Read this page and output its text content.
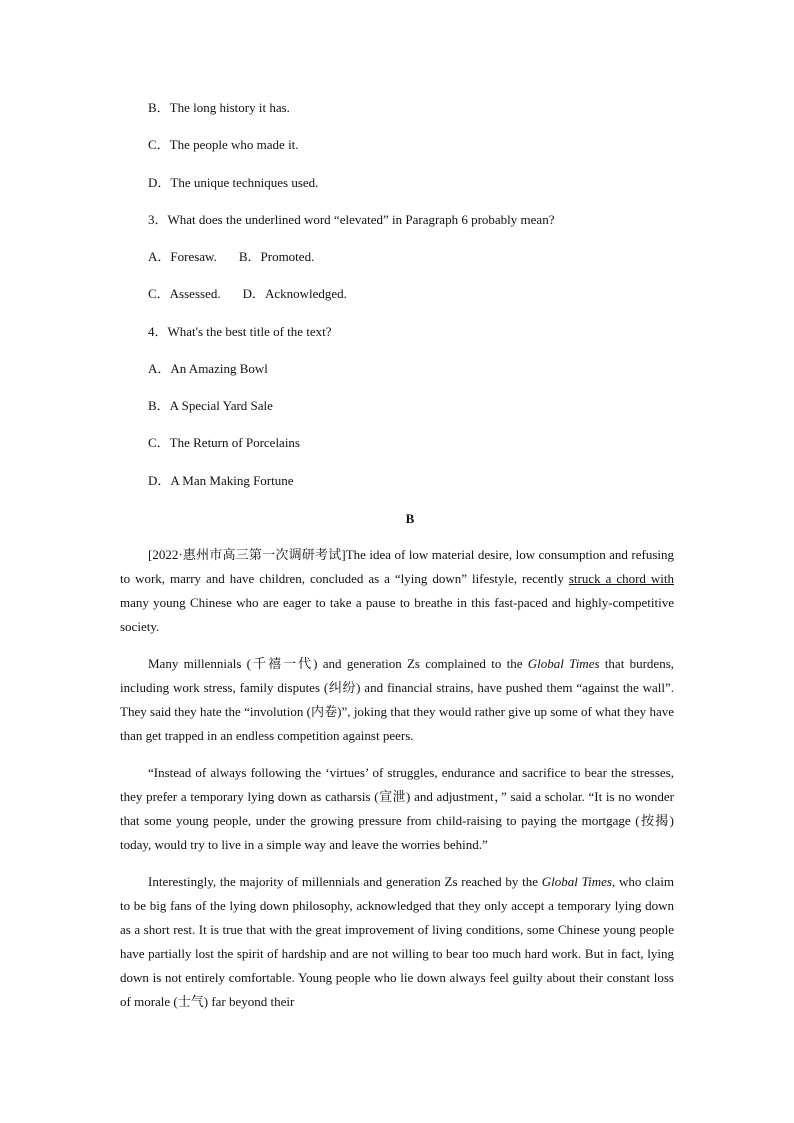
B．The long history it has.
C．The people who made it.
D．The unique techniques used.
3．What does the underlined word “elevated” in Paragraph 6 probably mean?
A．Foresaw. B．Promoted.
C．Assessed. D．Acknowledged.
4．What's the best title of the text?
A．An Amazing Bowl
B．A Special Yard Sale
C．The Return of Porcelains
D．A Man Making Fortune
B
[2022·惠州市高三第一次调研考试]The idea of low material desire, low consumption and refusing to work, marry and have children, concluded as a “lying down” lifestyle, recently struck a chord with many young Chinese who are eager to take a pause to breathe in this fast-paced and highly-competitive society.
Many millennials (千禧一代) and generation Zs complained to the Global Times that burdens, including work stress, family disputes (纠纷) and financial strains, have pushed them “against the wall”. They said they hate the “involution (内卷)”, joking that they would rather give up some of what they have than get trapped in an endless competition against peers.
“Instead of always following the ‘virtues’ of struggles, endurance and sacrifice to bear the stresses, they prefer a temporary lying down as catharsis (宣泄) and adjustment，” said a scholar. “It is no wonder that some young people, under the growing pressure from child-raising to paying the mortgage (按揭) today, would try to live in a simple way and leave the worries behind.”
Interestingly, the majority of millennials and generation Zs reached by the Global Times, who claim to be big fans of the lying down philosophy, acknowledged that they only accept a temporary lying down as a short rest. It is true that with the great improvement of living conditions, some Chinese young people have partially lost the spirit of hardship and are not willing to bear too much hard work. But in fact, lying down is not entirely comfortable. Young people who lie down always feel guilty about their constant loss of morale (士气) far beyond their
